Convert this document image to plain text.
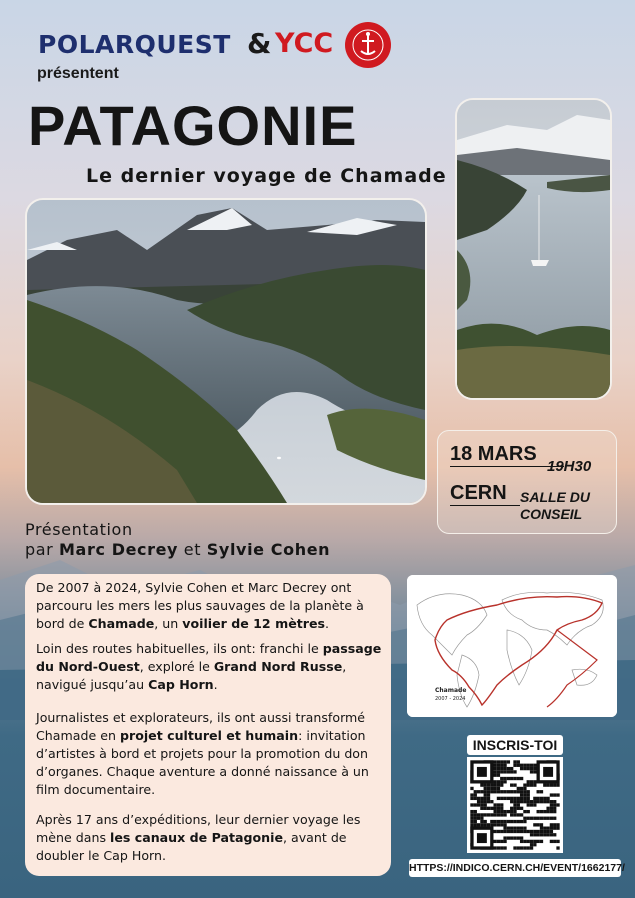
POLARQUEST & YCC
présentent
PATAGONIE
Le dernier voyage de Chamade
18 MARS
19H30
CERN SALLE DU CONSEIL
Présentation
par Marc Decrey et Sylvie Cohen

De 2007 à 2024, Sylvie Cohen et Marc Decrey ont parcouru les mers les plus sauvages de la planète à bord de Chamade, un voilier de 12 mètres.

Loin des routes habituelles, ils ont: franchi le passage du Nord-Ouest, exploré le Grand Nord Russe, navigué jusqu’au Cap Horn.

Journalistes et explorateurs, ils ont aussi transformé Chamade en projet culturel et humain: invitation d’artistes à bord et projets pour la promotion du don d’organes. Chaque aventure a donné naissance à un film documentaire.

Après 17 ans d’expéditions, leur dernier voyage les mène dans les canaux de Patagonie, avant de doubler le Cap Horn.

Chamade
2007 - 2024
INSCRIS-TOI
HTTPS://INDICO.CERN.CH/EVENT/1662177/
